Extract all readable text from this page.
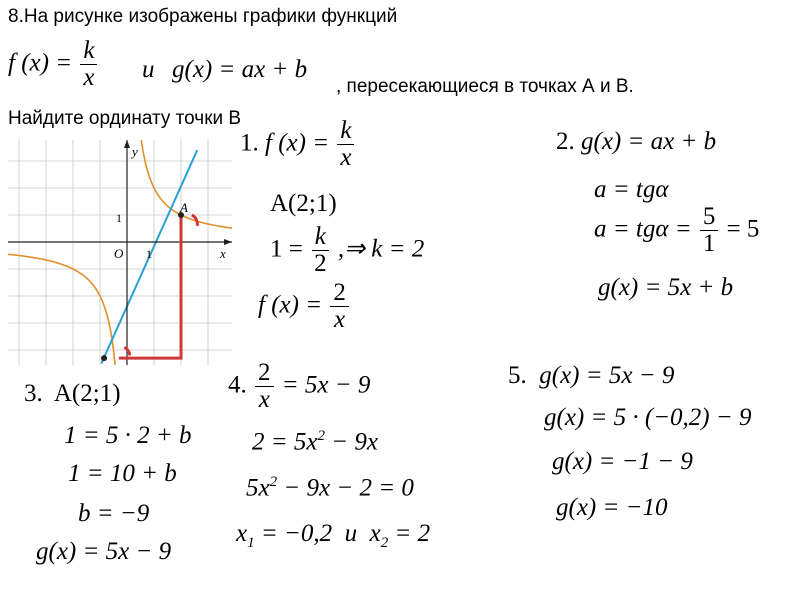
8.На рисунке изображены графики функций
f $(x) = \frac{k}{x}$ и g(x) = ax + b
, пересекающиеся в точках А и В.
Найдите ординату точки В
y
x
O 1
1
A
1. f $(x) = \frac{k}{x}$
A(2;1)
$1 = \frac{k}{2}$ ,⇒ k = 2
f $(x) = \frac{2}{x}$
2. g(x) = ax + b
a = tgα
$a = tg\alpha = \frac{5}{1} = 5$
g(x) = 5x + b
3. A(2;1)
1 = 5 · 2 + b
1 = 10 + b
b = −9
g(x) = 5x − 9
4. $\frac{2}{x} = 5x - 9$
$2 = 5x^2 - 9x$
$5x^2 - 9x - 2 = 0$
$x_1 = -0,2$ и $x_2 = 2$
5. g(x) = 5x − 9
g(x) = 5 · (−0,2) − 9
g(x) = −1 − 9
g(x) = −10
